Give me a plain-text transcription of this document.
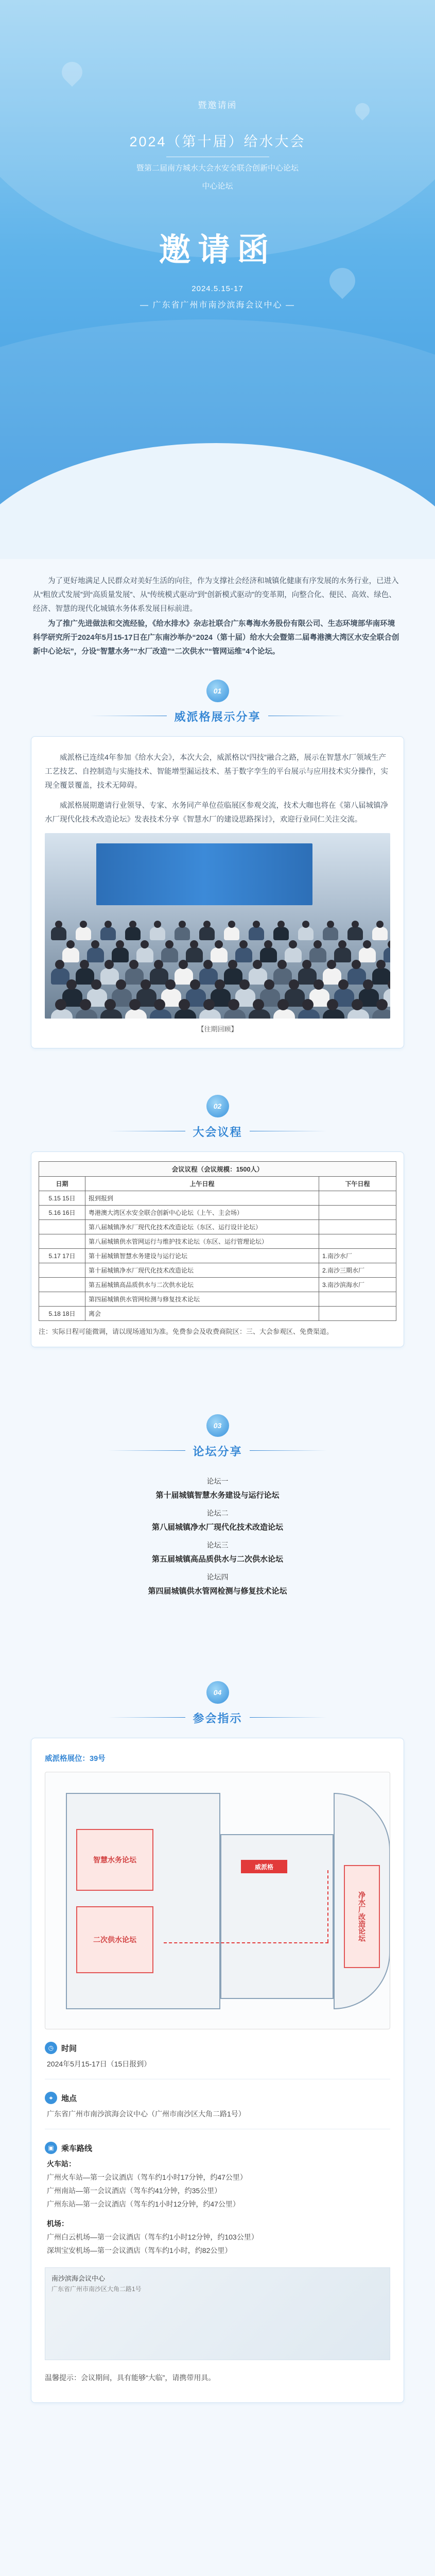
暨邀请函
2024（第十届）给水大会
暨第二届南方城水大会水安全联合创新中心论坛
中心论坛
邀请函
2024.5.15-17
— 广东省广州市南沙滨海会议中心 —

为了更好地满足人民群众对美好生活的向往，作为支撑社会经济和城镇化健康有序发展的水务行业，已进入从“粗放式发展”到“高质量发展”、从“传统模式驱动”到“创新模式驱动”的变革期，向整合化、便民、高效、绿色、经济、智慧的现代化城镇水务体系发展目标前进。

为了推广先进做法和交流经验，《给水排水》杂志社联合广东粤海水务股份有限公司、生态环境部华南环境科学研究所于2024年5月15-17日在广东南沙举办“2024（第十届）给水大会暨第二届粤港澳大湾区水安全联合创新中心论坛”，分设“智慧水务”“水厂改造”“二次供水”“管网运维”4个论坛。

01
威派格展示分享

威派格已连续4年参加《给水大会》，本次大会，威派格以“四技”融合之路，展示在智慧水厂领域生产工艺技艺、自控制造与实施技术、智能增型漏运技术、基于数字孪生的平台展示与应用技术实分操作，实现全覆景覆盖，技术无障碍。

威派格展期邀请行业领导、专家、水务同产单位莅临展区参观交流，技术大咖也将在《第八届城镇净水厂现代化技术改造论坛》发表技术分享《智慧水厂的建设思路探讨》，欢迎行业同仁关注交流。

【往期回顾】
02
大会议程
会议议程（会议规模：1500人）		
日期	上午日程	下午日程
5.15 15日	报到报到	
5.16 16日	粤港澳大湾区水安全联合创新中心论坛（上午、主会场）	
	第八届城镇净水厂现代化技术改造论坛（东区、运行设计论坛）	
	第八届城镇供水管网运行与维护技术论坛（东区、运行管理论坛）	
5.17 17日	第十届城镇智慧水务建设与运行论坛	1.南沙水厂
	第十届城镇净水厂现代化技术改造论坛	2.南沙三期水厂
	第五届城镇高品质供水与二次供水论坛	3.南沙滨海水厂
	第四届城镇供水管网检测与修复技术论坛	
5.18 18日	离会	
注：实际日程可能微调，请以现场通知为准。免费参会及收费商院区：三、大会参观区、免费渠道。
03
论坛分享
论坛一
第十届城镇智慧水务建设与运行论坛
论坛二
第八届城镇净水厂现代化技术改造论坛
论坛三
第五届城镇高品质供水与二次供水论坛
论坛四
第四届城镇供水管网检测与修复技术论坛
04
参会指示
威派格展位：39号
智慧水务论坛
二次供水论坛
威派格
净水厂改造论坛
◷ 时间
2024年5月15-17日（15日报到）
⌖	地点
广东省广州市南沙滨海会议中心（广州市南沙区大角二路1号）
▣ 乘车路线
火车站：
广州火车站—第一会议酒店（驾车约1小时17分钟，约47公里）
广州南站—第一会议酒店（驾车约41分钟，约35公里）
广州东站—第一会议酒店（驾车约1小时12分钟，约47公里）
机场：
广州白云机场—第一会议酒店（驾车约1小时12分钟，约103公里）
深圳宝安机场—第一会议酒店（驾车约1小时，约82公里）
南沙滨海会议中心
广东省广州市南沙区大角二路1号
温馨提示：会议期间，具有能够“大临”，请携带用具。
